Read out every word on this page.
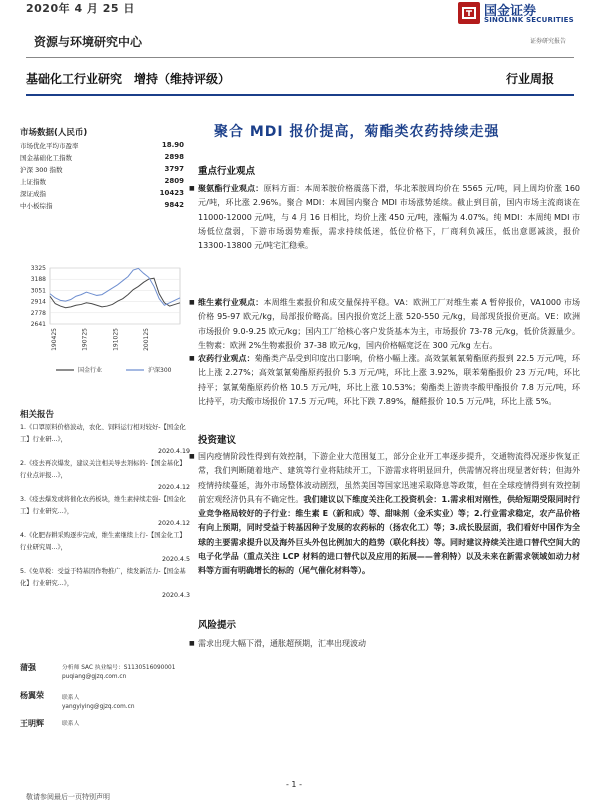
2020年 4 月 25 日	国金证券
SINOLINK SECURITIES
证券研究报告
资源与环境研究中心
基础化工行业研究　增持（维持评级）	行业周报
市场数据(人民币)
市场优化平均市盈率	18.90
国金基础化工指数	2898
沪深 300 指数	3797
上证指数	2809
深证成指	10423
中小板综指	9842
3325
3188
3051
2914
2778
2641
190425	190725	191025	200125
国金行业	沪深300
相关报告
1.《口罩原料价格波动，农化、饲料运行相对较好-【国金化工】行业研...》，
2020.4.19
2.《疫去再次爆发，建议关注相关导去剂标的-【国金基化】行业点评报...》，
2020.4.12
3.《疫去爆发或将催化农药板块，维生素持续走强-【国金化工】行业研究...》，
2020.4.12
4.《化肥春耕采购逐步完成，维生素继续上行-【国金化工】行业研究周...》，
2020.4.5
5.《免草税：受益于特基因作物推广，续发新活力-【国金基化】行业研究...》，
2020.4.3
蒲强	分析师 SAC 执业编号：S1130516090001
puqiang@gjzq.com.cn
杨翼荣	联系人
yangyiying@gjzq.com.cn
王明辉	联系人
聚合 MDI 报价提高，菊酯类农药持续走强
重点行业观点
■ 聚氨酯行业观点：原料方面：本周苯胺价格震荡下滑，华北苯胺周均价在 5565 元/吨，同上周均价涨 160 元/吨，环比涨 2.96%。聚合 MDI：本周国内聚合 MDI 市场涨势延续。截止到目前，国内市场主流商谈在 11000-12000 元/吨，与 4 月 16 日相比，均价上涨 450 元/吨，涨幅为 4.07%。纯 MDI：本周纯 MDI 市场低位盘弱，下游市场弱势难振，需求持续低迷，低位价格下，厂商利负减压，低出意愿减淡，报价 13300-13800 元/吨宅汇稳乘。
■ 维生素行业观点：本周维生素报价和成交量保持平稳。VA：欧洲工厂对维生素 A 暂停报价，VA1000 市场价格 95-97 欧元/kg，局部报价略高。国内报价宽泛上涨 520-550 元/kg，局部现货报价更高。VE：欧洲市场报价 9.0-9.25 欧元/kg；国内工厂给核心客户发货基本为主，市场报价 73-78 元/kg，低价货源量少。生物素：欧洲 2%生物素报价 37-38 欧元/kg，国内价格幅宽泛在 300 元/kg 左右。
■ 农药行业观点：菊酯类产品受到印度出口影响，价格小幅上涨。高效氯氟氰菊酯原药报到 22.5 万元/吨，环比上涨 2.27%；高效氯氰菊酯原药报价 5.3 万元/吨，环比上涨 3.92%，联苯菊酯报价 23 万元/吨，环比持平；氯氰菊酯原药价格 10.5 万元/吨，环比上涨 10.53%；菊酯类上游贵李酸甲酯报价 7.8 万元/吨，环比持平，功夫酸市场报价 17.5 万元/吨，环比下跌 7.89%，醚醛报价 10.5 万元/吨，环比上涨 5%。
投资建议
■ 国内疫情阶段性得到有效控制，下游企业大范围复工，部分企业开工率逐步提升，交通物流得况逐步恢复正常，我们判断随着地产、建筑等行业将陆续开工，下游需求将明显回升，供需情况将出现显著好转；但海外疫情持续蔓延，海外市场整体波动剧烈，虽然美国等国家迅速采取降息等政策，但在全球疫情得到有效控制前宏观经济仍具有不确定性。我们建议以下维度关注化工投资机会：1.需求相对刚性，供给短期受限同时行业竞争格局较好的子行业：维生素 E（新和成）等、甜味剂（金禾实业）等；2.行业需求稳定，农产品价格有向上预期，同时受益于转基因种子发展的农药标的（扬农化工）等；3.成长股层面，我们看好中国作为全球的主要需求提升以及海外巨头外包比例加大的趋势（联化科技）等。同时建议持续关注进口替代空间大的电子化学品（重点关注 LCP 材料的进口替代以及应用的拓展——普利特）以及未来在新需求领域如动力材料等方面有明确增长的标的（尾气催化材料等）。
风险提示
■ 需求出现大幅下滑，通胀超预期，汇率出现波动
- 1 -
敬请参阅最后一页特别声明
